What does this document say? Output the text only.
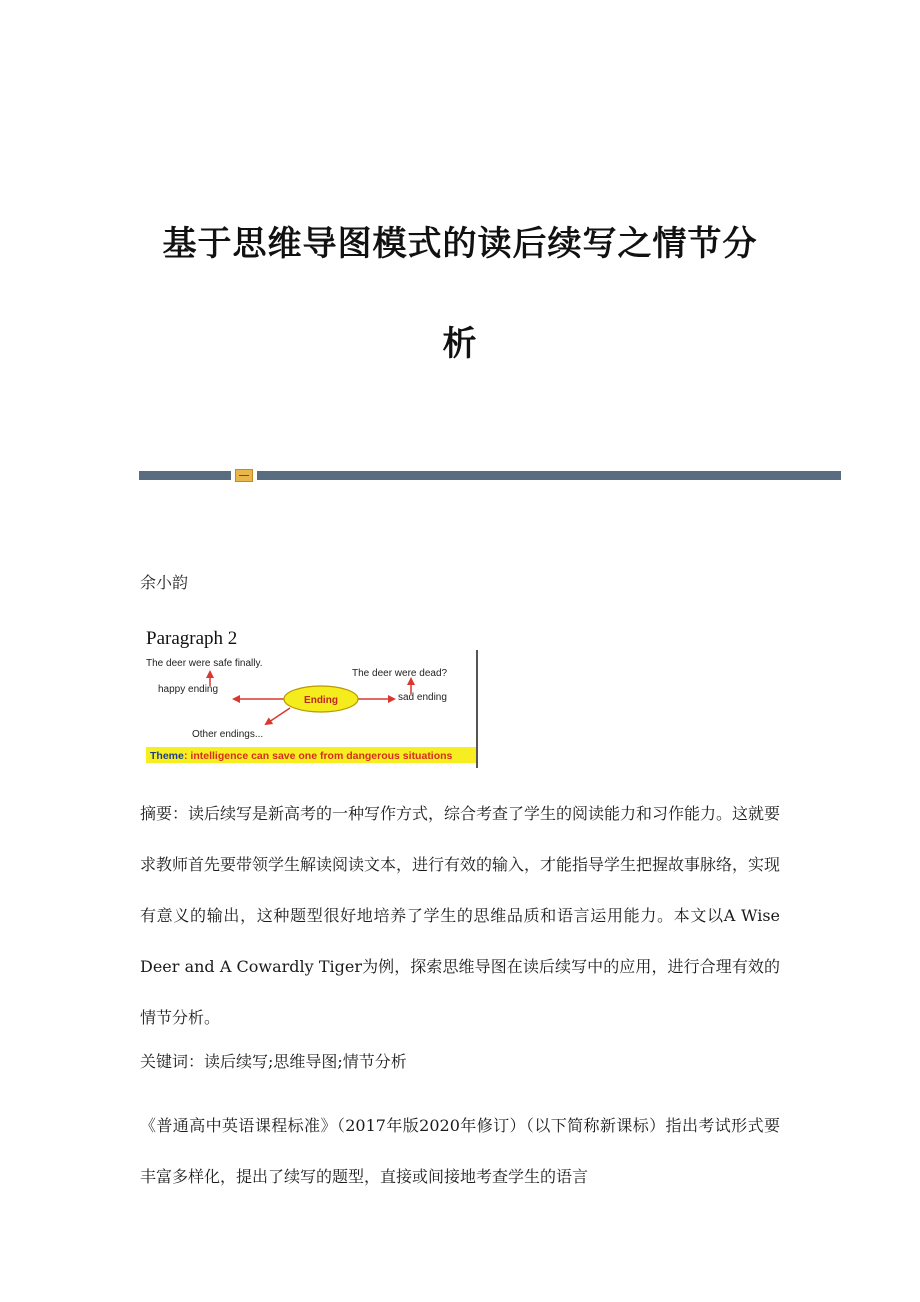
基于思维导图模式的读后续写之情节分
析
余小韵
Paragraph 2
The deer were safe finally.
happy ending
The deer were dead?
sad ending
Ending
Other endings...
Theme : intelligence can save one from dangerous situations
摘要：读后续写是新高考的一种写作方式，综合考查了学生的阅读能力和习作能力。这就要求教师首先要带领学生解读阅读文本，进行有效的输入，才能指导学生把握故事脉络，实现有意义的输出，这种题型很好地培养了学生的思维品质和语言运用能力。本文以A Wise Deer and A Cowardly Tiger为例，探索思维导图在读后续写中的应用，进行合理有效的情节分析。
关键词：读后续写;思维导图;情节分析
《普通高中英语课程标准》（2017年版2020年修订）（以下简称新课标）指出考试形式要丰富多样化，提出了续写的题型，直接或间接地考查学生的语言
